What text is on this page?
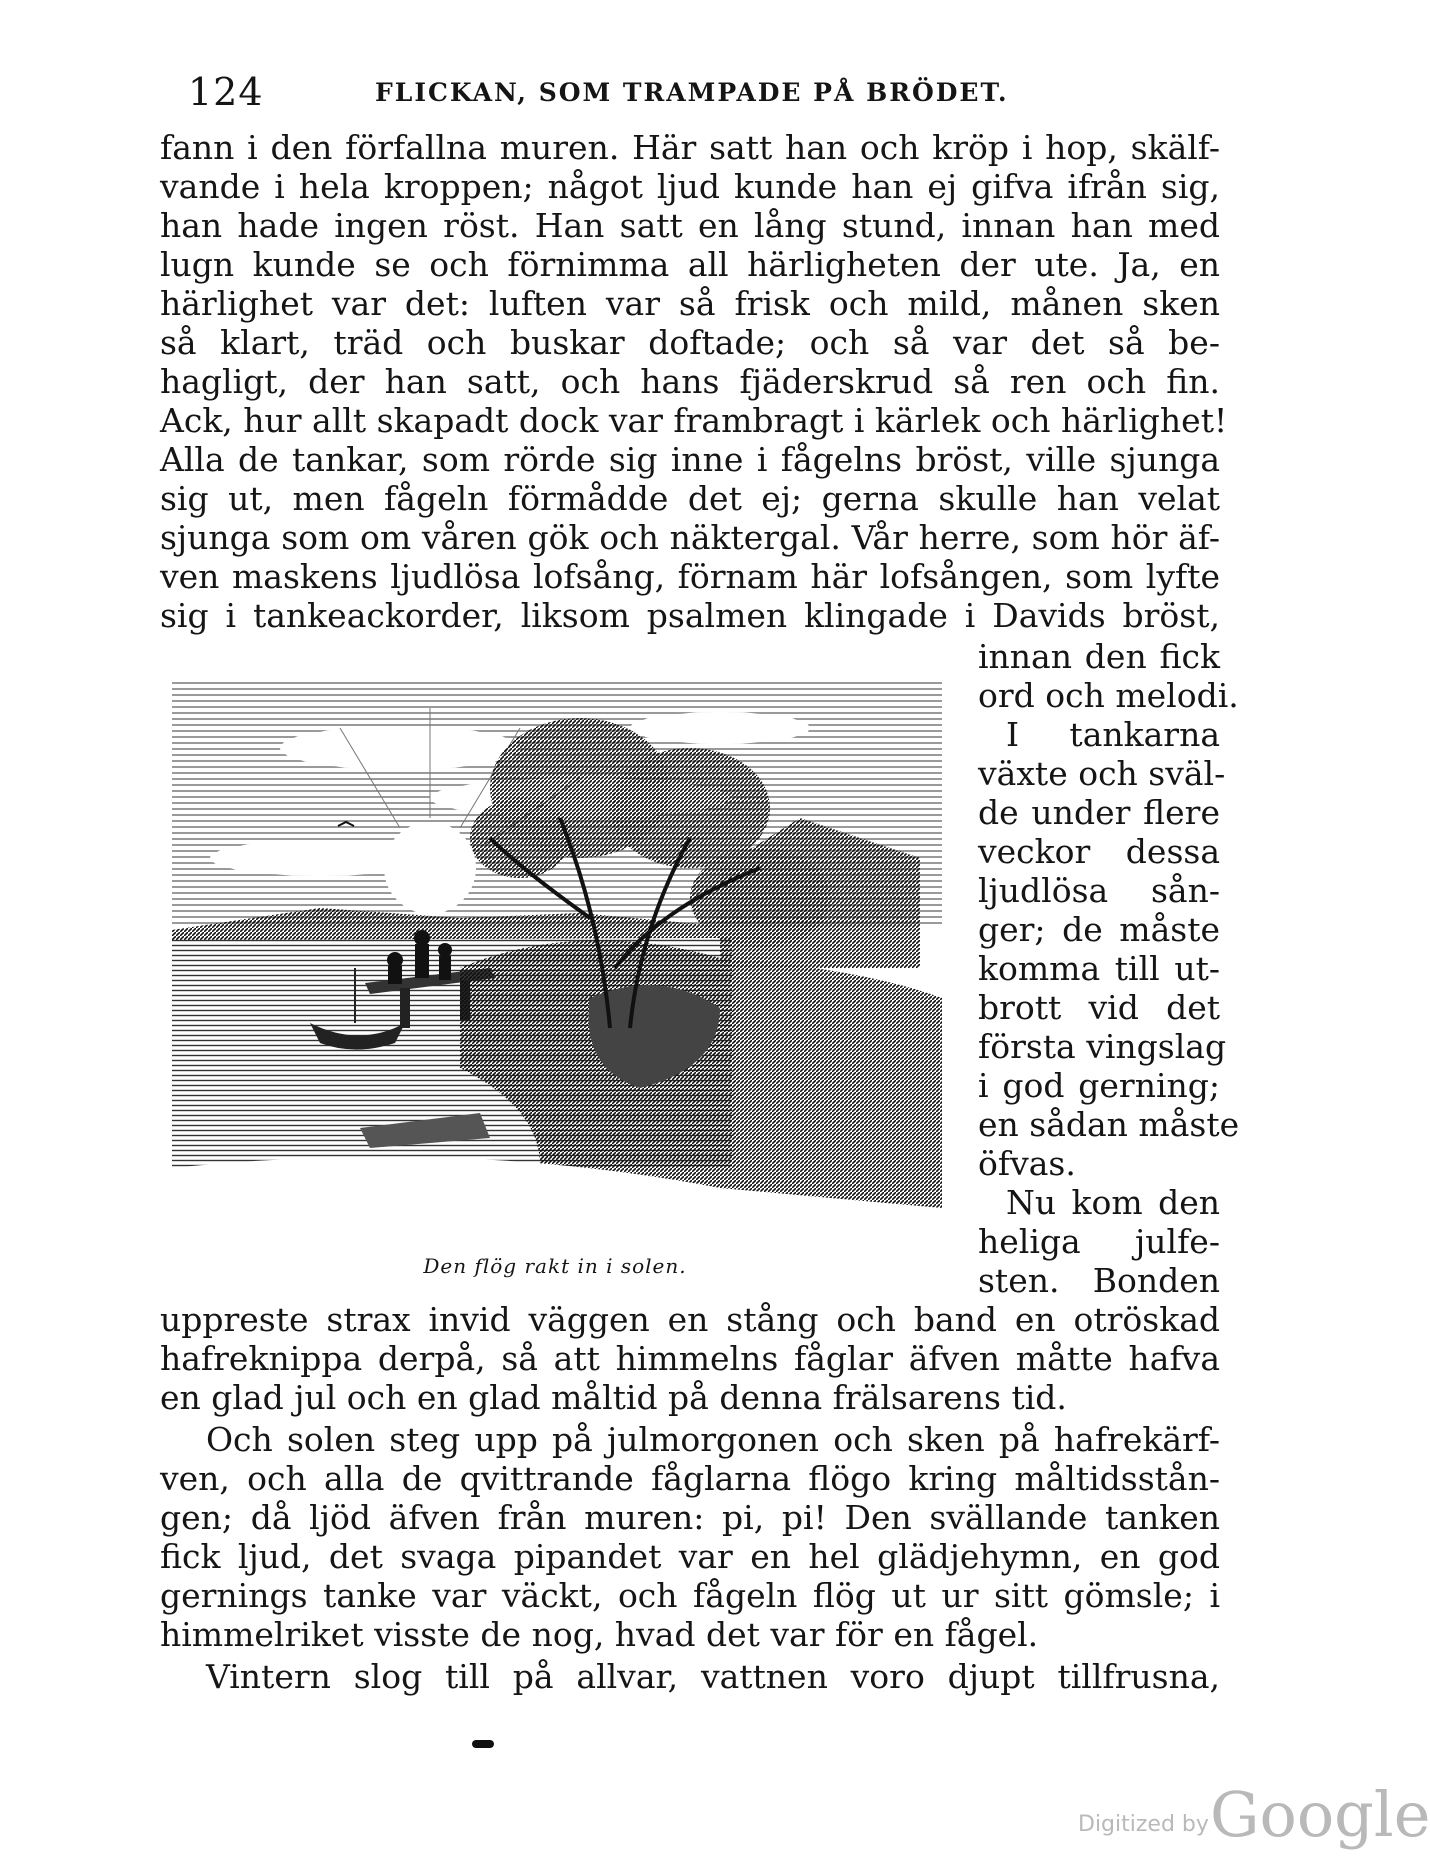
124	FLICKAN, SOM TRAMPADE PÅ BRÖDET.
fann i den förfallna muren. Här satt han och kröp i hop, skälf-
vande i hela kroppen; något ljud kunde han ej gifva ifrån sig,
han hade ingen röst. Han satt en lång stund, innan han med
lugn kunde se och förnimma all härligheten der ute. Ja, en
härlighet var det: luften var så frisk och mild, månen sken
så klart, träd och buskar doftade; och så var det så be-
hagligt, der han satt, och hans fjäderskrud så ren och fin.
Ack, hur allt skapadt dock var frambragt i kärlek och härlighet!
Alla de tankar, som rörde sig inne i fågelns bröst, ville sjunga
sig ut, men fågeln förmådde det ej; gerna skulle han velat
sjunga som om våren gök och näktergal. Vår herre, som hör äf-
ven maskens ljudlösa lofsång, förnam här lofsången, som lyfte
sig i tankeackorder, liksom psalmen klingade i Davids bröst,
innan den fick
ord och melodi.
I tankarna
växte och sväl-
de under flere
veckor dessa
ljudlösa sån-
ger; de måste
komma till ut-
brott vid det
första vingslag
i god gerning;
en sådan måste
öfvas.
Nu kom den
heliga julfe-
sten. Bonden
uppreste strax invid väggen en stång och band en otröskad
hafreknippa derpå, så att himmelns fåglar äfven måtte hafva
en glad jul och en glad måltid på denna frälsarens tid.
Och solen steg upp på julmorgonen och sken på hafrekärf-
ven, och alla de qvittrande fåglarna flögo kring måltidsstån-
gen; då ljöd äfven från muren: pi, pi! Den svällande tanken
fick ljud, det svaga pipandet var en hel glädjehymn, en god
gernings tanke var väckt, och fågeln flög ut ur sitt gömsle; i
himmelriket visste de nog, hvad det var för en fågel.
Vintern slog till på allvar, vattnen voro djupt tillfrusna,
Den flög rakt in i solen.
Digitized by Google
